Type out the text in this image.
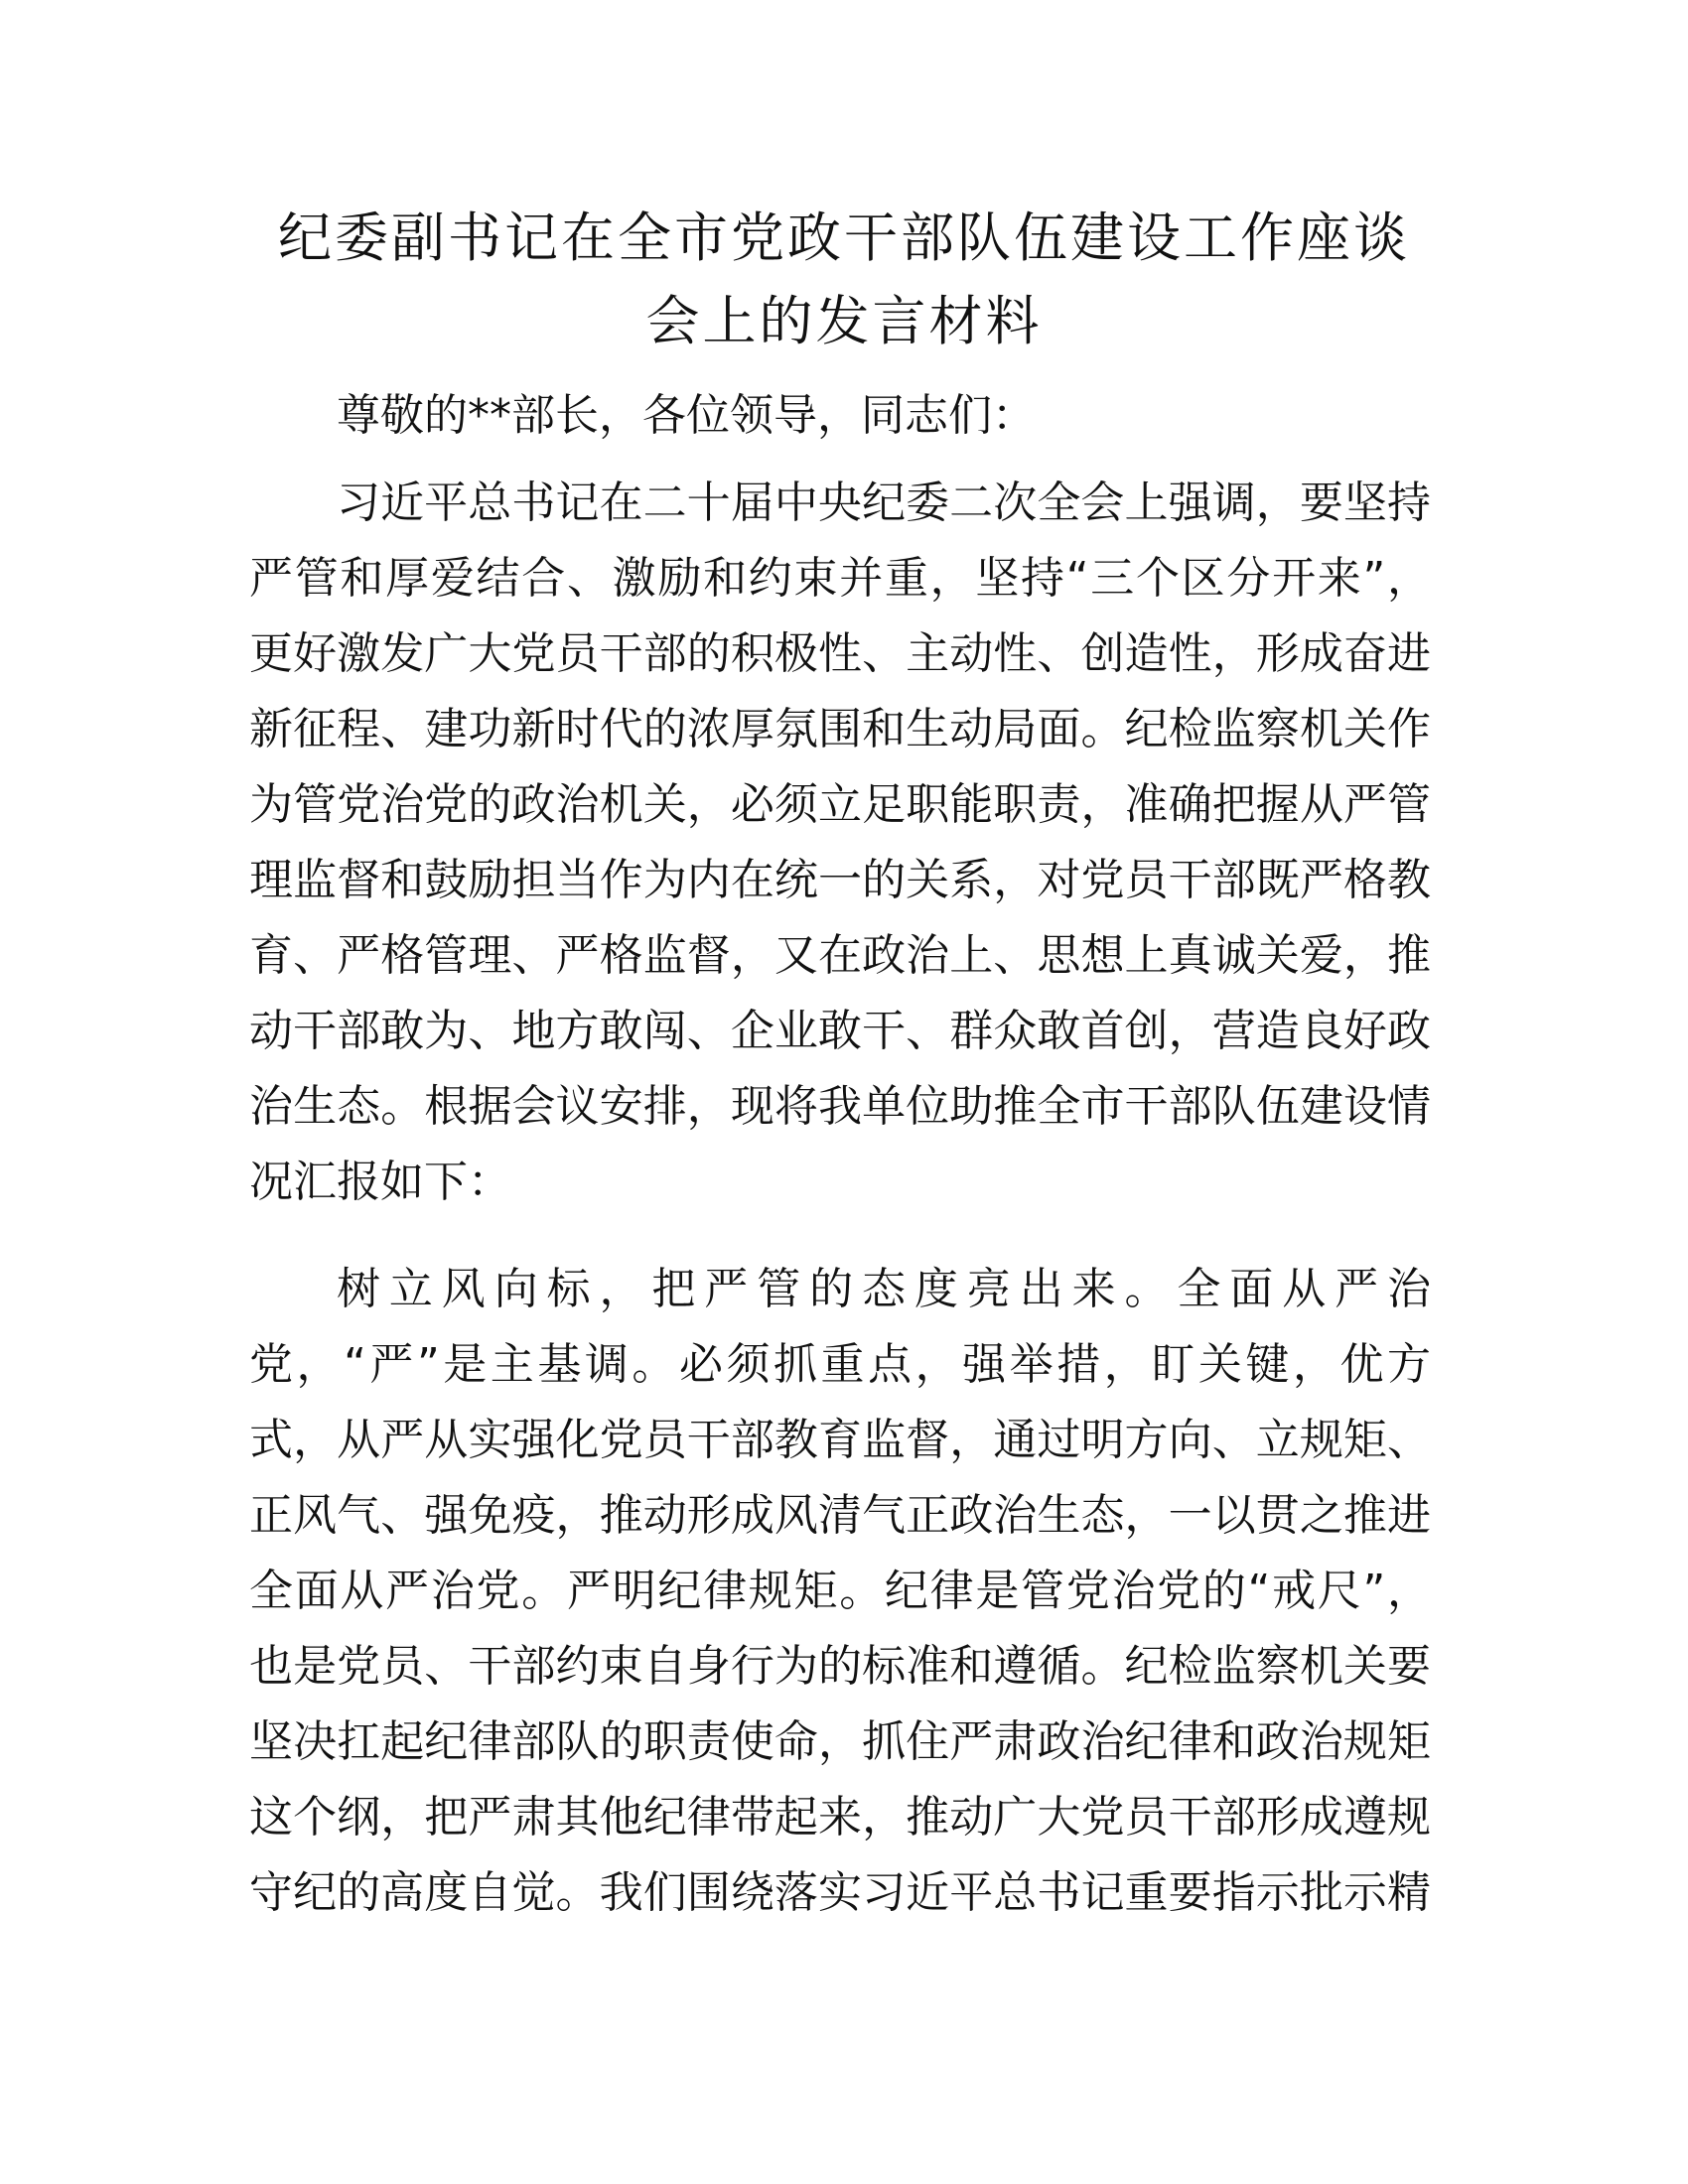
纪委副书记在全市党政干部队伍建设工作座谈
会上的发言材料
尊敬的**部长，各位领导，同志们：
习近平总书记在二十届中央纪委二次全会上强调，要坚持
严管和厚爱结合、激励和约束并重，坚持“三个区分开来”，
更好激发广大党员干部的积极性、主动性、创造性，形成奋进
新征程、建功新时代的浓厚氛围和生动局面。纪检监察机关作
为管党治党的政治机关，必须立足职能职责，准确把握从严管
理监督和鼓励担当作为内在统一的关系，对党员干部既严格教
育、严格管理、严格监督，又在政治上、思想上真诚关爱，推
动干部敢为、地方敢闯、企业敢干、群众敢首创，营造良好政
治生态。根据会议安排，现将我单位助推全市干部队伍建设情
况汇报如下：
树立风向标，把严管的态度亮出来。全面从严治
党，“严”是主基调。必须抓重点，强举措，盯关键，优方
式，从严从实强化党员干部教育监督，通过明方向、立规矩、
正风气、强免疫，推动形成风清气正政治生态，一以贯之推进
全面从严治党。严明纪律规矩。纪律是管党治党的“戒尺”，
也是党员、干部约束自身行为的标准和遵循。纪检监察机关要
坚决扛起纪律部队的职责使命，抓住严肃政治纪律和政治规矩
这个纲，把严肃其他纪律带起来，推动广大党员干部形成遵规
守纪的高度自觉。我们围绕落实习近平总书记重要指示批示精
